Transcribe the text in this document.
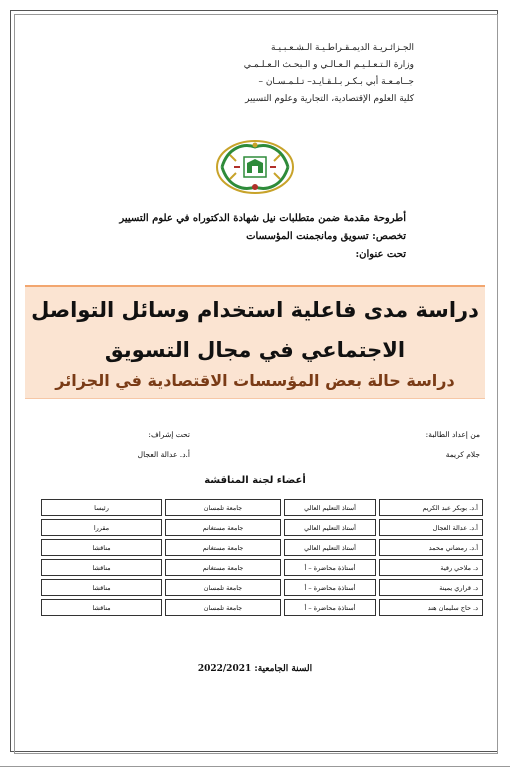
الجـزائـريـة الديمـقـراطـيـة الـشـعـبـيـة
وزارة الـتـعـلـيـم الـعـالـي و الـبحـث الـعـلـمـي
جــامـعـة أبي بـكـر بـلـقـايـد– تـلـمـسـان –
كلية العلوم الإقتصادية، التجارية وعلوم التسيير
أطروحة مقدمة ضمن متطلبات نيل شهادة الدكتوراه في علوم التسيير
تخصص: تسويق ومانجمنت المؤسسات
تحت عنوان:
دراسة مدى فاعلية استخدام وسائل التواصل
الاجتماعي في مجال التسويق
دراسة حالة بعض المؤسسات الاقتصادية في الجزائر
من إعداد الطالبة:
جلام كريمة
تحت إشراف:
أ.د. عدالة العجال
أعضاء لجنة المناقشة
أ.د. بوبكر عبد الكريم	أستاذ التعليم العالي	جامعة تلمسان	رئيسا
أ.د. عدالة العجال	أستاذ التعليم العالي	جامعة مستغانم	مقررا
أ.د. رمضاني محمد	أستاذ التعليم العالي	جامعة مستغانم	مناقشا
د. ملاحي رقية	أستاذة محاضرة – أ	جامعة مستغانم	مناقشا
د. قراري يمينة	أستاذة محاضرة – أ	جامعة تلمسان	مناقشا
د. حاج سليمان هند	أستاذة محاضرة – أ	جامعة تلمسان	مناقشا
السنة الجامعية: 2022/2021
